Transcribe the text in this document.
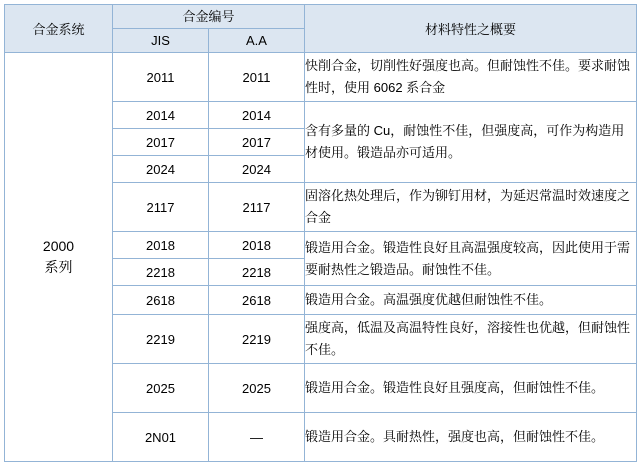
合金系统	合金编号		材料特性之概要
	JIS	A.A	

2000
系列	2011	2011	快削合金，切削性好强度也高。但耐蚀性不佳。要求耐蚀性时，使用 6062 系合金
	2014	2014	含有多量的 Cu，耐蚀性不佳，但强度高，可作为构造用材使用。锻造品亦可适用。
	2017	2017	
	2024	2024	
	2117	2117	固溶化热处理后，作为铆钉用材，为延迟常温时效速度之合金
	2018	2018	锻造用合金。锻造性良好且高温强度较高，因此使用于需要耐热性之锻造品。耐蚀性不佳。
	2218	2218	
	2618	2618	锻造用合金。高温强度优越但耐蚀性不佳。
	2219	2219	强度高，低温及高温特性良好，溶接性也优越，但耐蚀性不佳。
	2025	2025	锻造用合金。锻造性良好且强度高，但耐蚀性不佳。
	2N01	—	锻造用合金。具耐热性，强度也高，但耐蚀性不佳。
